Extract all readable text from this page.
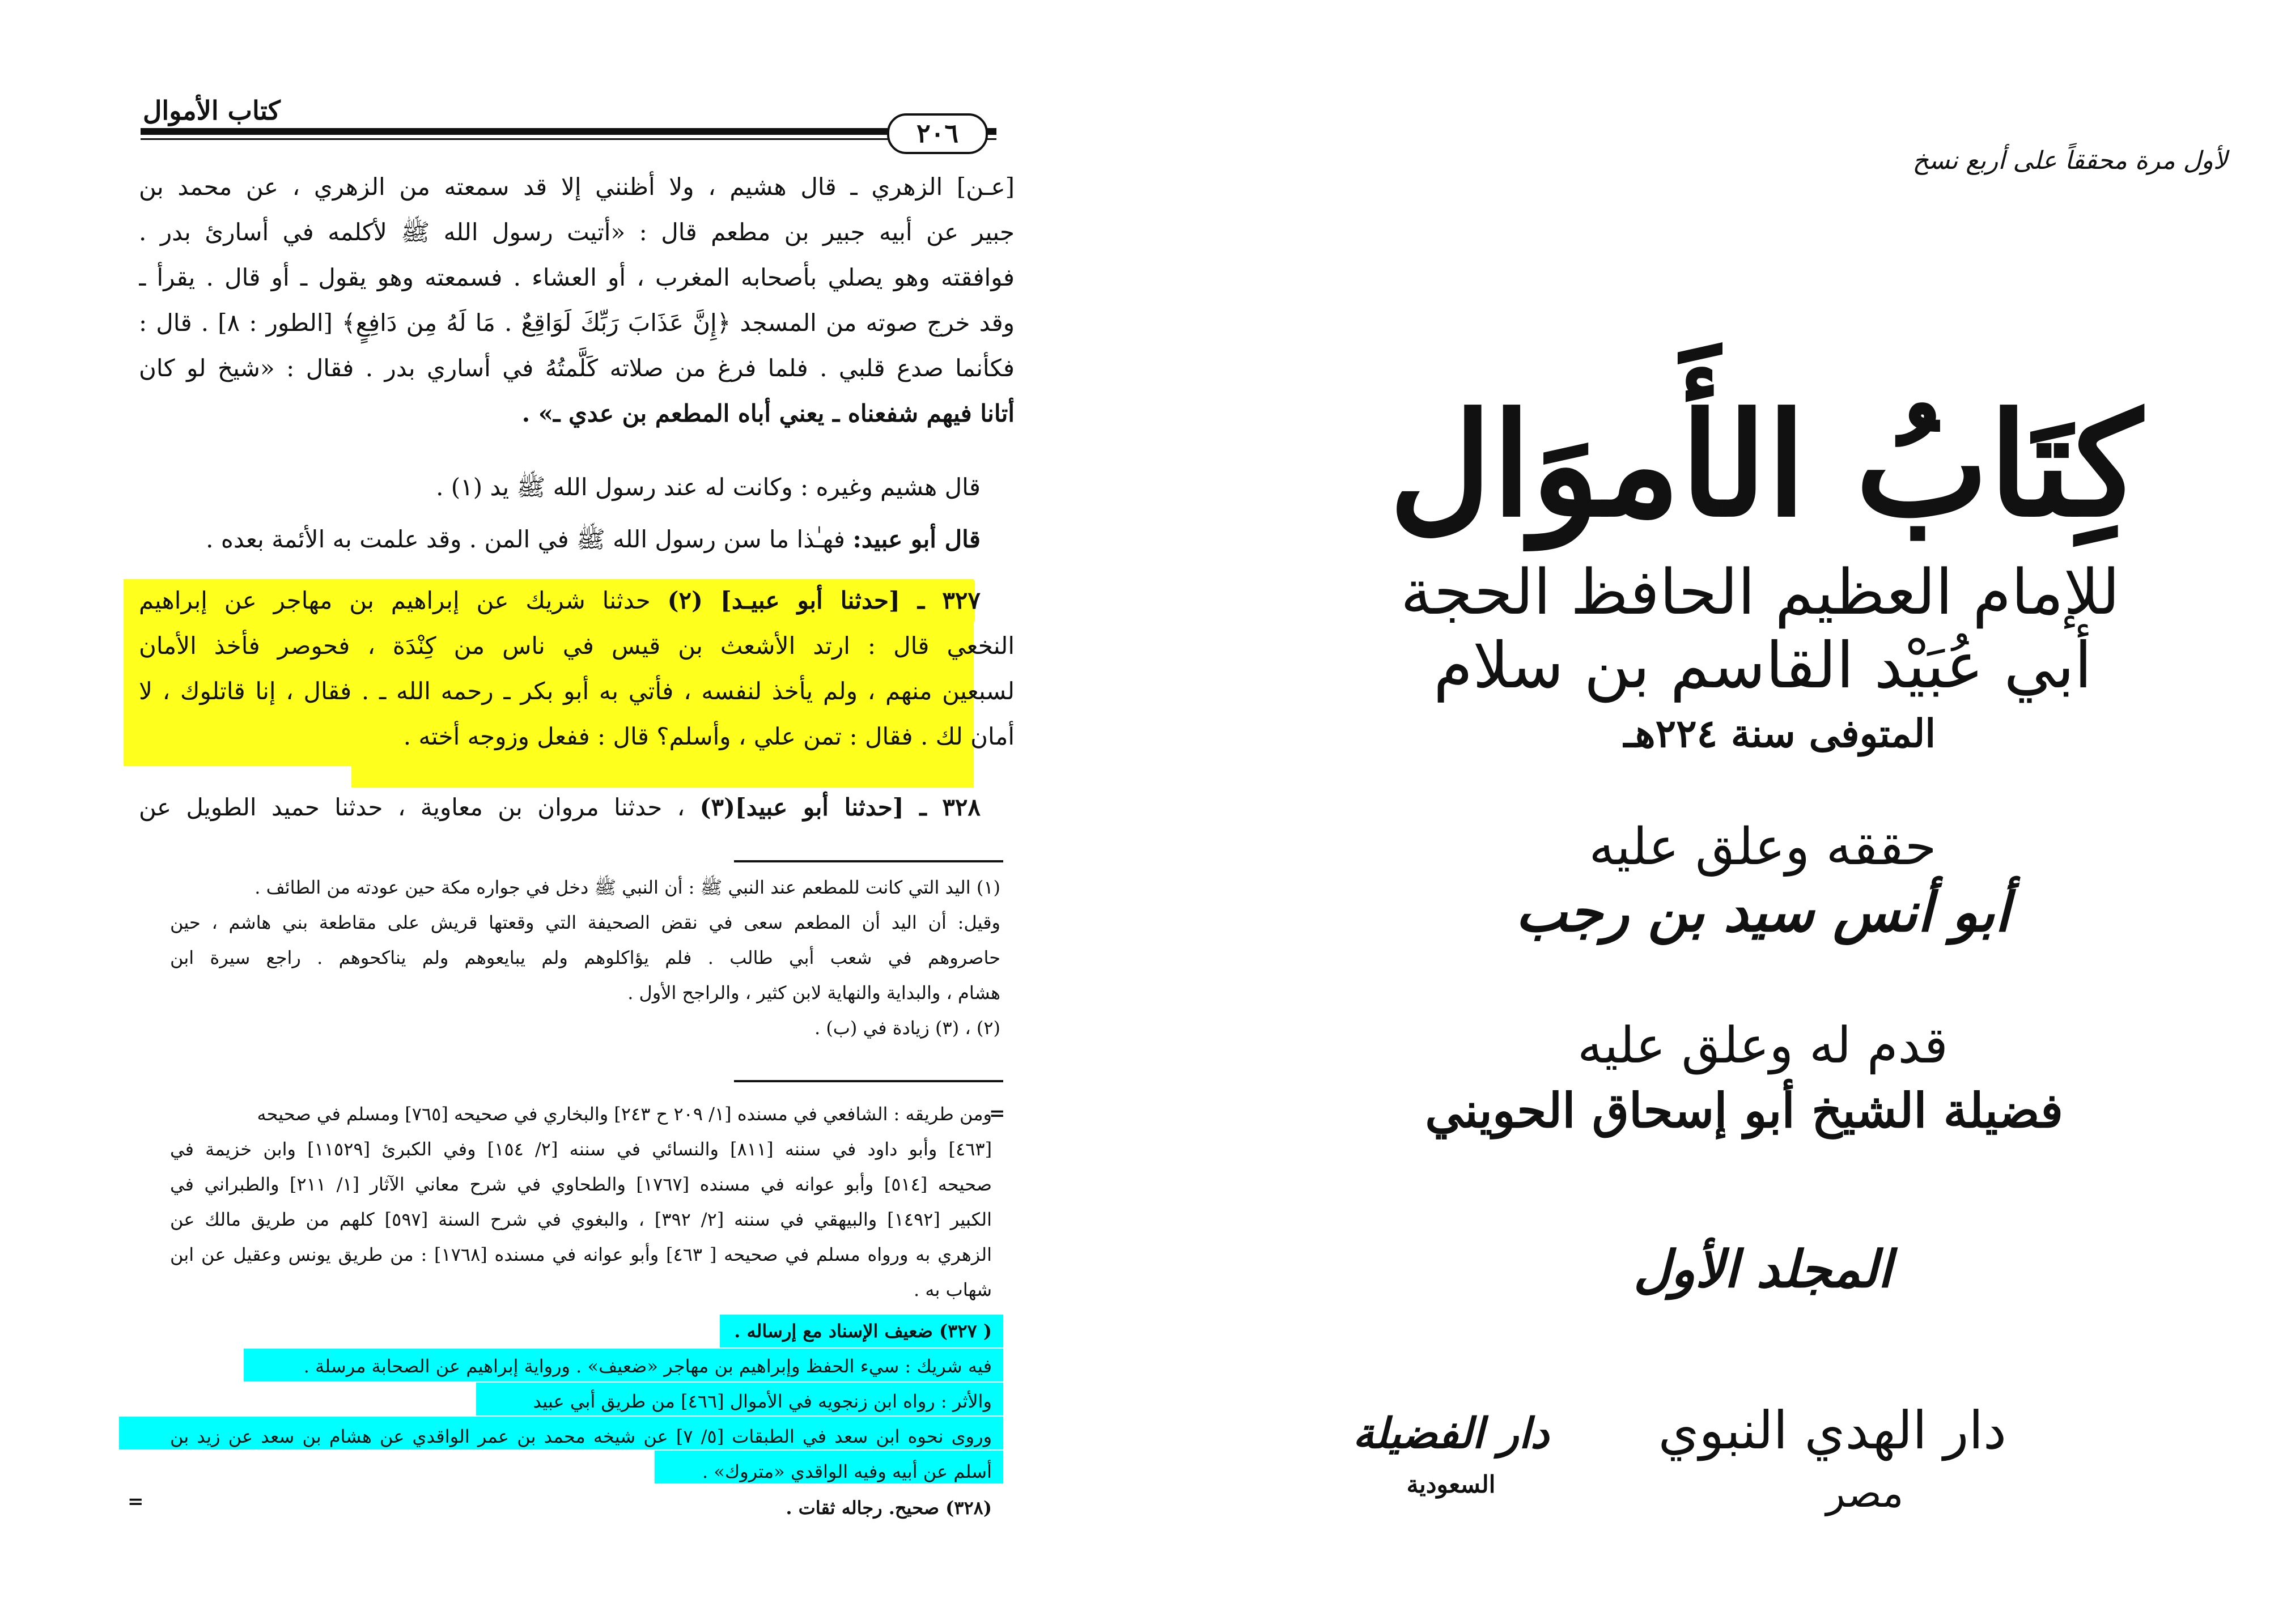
كتاب الأموال
٢٠٦
[عـن] الزهري ـ قال هشيم ، ولا أظنني إلا قد سمعته من الزهري ، عن محمد بن
جبير عن أبيه جبير بن مطعم قال : «أتيت رسول الله ﷺ لأكلمه في أسارئ بدر .
فوافقته وهو يصلي بأصحابه المغرب ، أو العشاء . فسمعته وهو يقول ـ أو قال . يقرأ ـ
وقد خرج صوته من المسجد ﴿إِنَّ عَذَابَ رَبِّكَ لَوَاقِعٌ . مَا لَهُ مِن دَافِعٍ﴾ [الطور : ٨] . قال :
فكأنما صدع قلبي . فلما فرغ من صلاته كَلَّمتُهُ في أساري بدر . فقال : «شيخ لو كان
أتانا فيهم شفعناه ـ يعني أباه المطعم بن عدي ـ» .
قال هشيم وغيره : وكانت له عند رسول الله ﷺ يد (١) .
قال أبو عبيد: فهـٰذا ما سن رسول الله ﷺ في المن . وقد علمت به الأئمة بعده .
٣٢٧ ـ [حدثنا أبو عبيـد] (٢) حدثنا شريك عن إبراهيم بن مهاجر عن إبراهيم
النخعي قال : ارتد الأشعث بن قيس في ناس من كِنْدَة ، فحوصر فأخذ الأمان
لسبعين منهم ، ولم يأخذ لنفسه ، فأتي به أبو بكر ـ رحمه الله ـ . فقال ، إنا قاتلوك ، لا
أمان لك . فقال : تمن علي ، وأسلم؟ قال : ففعل وزوجه أخته .
٣٢٨ ـ [حدثنا أبو عبيد](٣) ، حدثنا مروان بن معاوية ، حدثنا حميد الطويل عن
(١) اليد التي كانت للمطعم عند النبي ﷺ : أن النبي ﷺ دخل في جواره مكة حين عودته من الطائف .
وقيل: أن اليد أن المطعم سعى في نقض الصحيفة التي وقعتها قريش على مقاطعة بني هاشم ، حين
حاصروهم في شعب أبي طالب . فلم يؤاكلوهم ولم يبايعوهم ولم يناكحوهم . راجع سيرة ابن
هشام ، والبداية والنهاية لابن كثير ، والراجح الأول .
(٢) ، (٣) زيادة في (ب) .
=
ومن طريقه : الشافعي في مسنده [١/ ٢٠٩ ح ٢٤٣] والبخاري في صحيحه [٧٦٥] ومسلم في صحيحه
[٤٦٣] وأبو داود في سننه [٨١١] والنسائي في سننه [٢/ ١٥٤] وفي الكبرئ [١١٥٢٩] وابن خزيمة في
صحيحه [٥١٤] وأبو عوانه في مسنده [١٧٦٧] والطحاوي في شرح معاني الآثار [١/ ٢١١] والطبراني في
الكبير [١٤٩٢] والبيهقي في سننه [٢/ ٣٩٢] ، والبغوي في شرح السنة [٥٩٧] كلهم من طريق مالك عن
الزهري به ورواه مسلم في صحيحه [ ٤٦٣] وأبو عوانه في مسنده [١٧٦٨] : من طريق يونس وعقيل عن ابن
شهاب به .
( ٣٢٧) ضعيف الإسناد مع إرساله .
فيه شريك : سيء الحفظ وإبراهيم بن مهاجر «ضعيف» . ورواية إبراهيم عن الصحابة مرسلة .
والأثر : رواه ابن زنجويه في الأموال [٤٦٦] من طريق أبي عبيد
وروى نحوه ابن سعد في الطبقات [٥/ ٧] عن شيخه محمد بن عمر الواقدي عن هشام بن سعد عن زيد بن
أسلم عن أبيه وفيه الواقدي «متروك» .
(٣٢٨) صحيح. رجاله ثقات .
=
لأول مرة محققاً على أربع نسخ
كِتَابُ الأَموَال
للإمام العظيم الحافظ الحجة
أبي عُبَيْد القاسم بن سلام
المتوفى سنة ٢٢٤هـ
حققه وعلق عليه
أبو أنس سيد بن رجب
قدم له وعلق عليه
فضيلة الشيخ أبو إسحاق الحويني
المجلد الأول
دار الهدي النبوي
مصر
دار الفضيلة
السعودية
